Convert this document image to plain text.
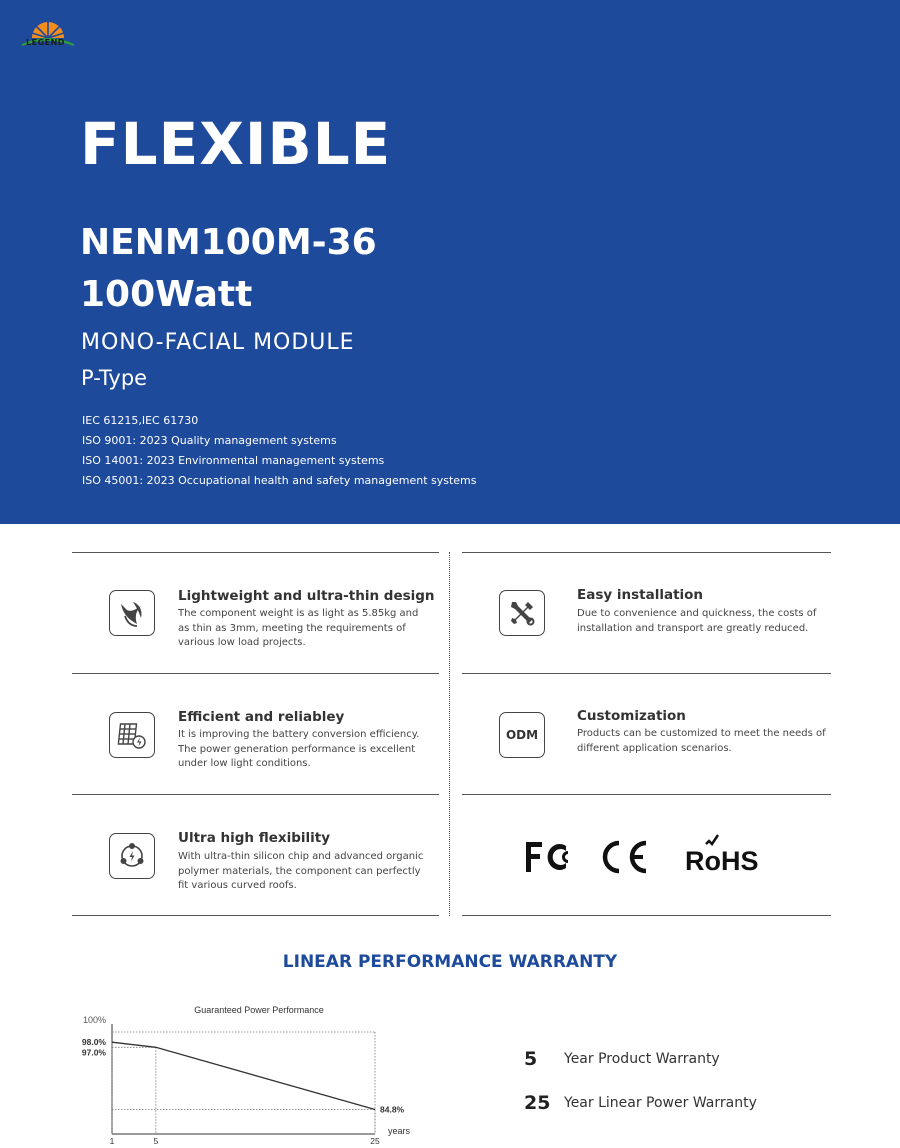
LEGEND
FLEXIBLE
NENM100M-36
100Watt
MONO-FACIAL MODULE
P-Type
IEC 61215,IEC 61730
ISO 9001: 2023 Quality management systems
ISO 14001: 2023 Environmental management systems
ISO 45001: 2023 Occupational health and safety management systems
Lightweight and ultra-thin design
The component weight is as light as 5.85kg and as thin as 3mm, meeting the requirements of various low load projects.
Easy installation
Due to convenience and quickness, the costs of installation and transport are greatly reduced.
Efficient and reliabley
It is improving the battery conversion efficiency. The power generation performance is excellent under low light conditions.
ODM
Customization
Products can be customized to meet the needs of different application scenarios.
Ultra high flexibility
With ultra-thin silicon chip and advanced organic polymer materials, the component can perfectly fit various curved roofs.
FC
RoHS
LINEAR PERFORMANCE WARRANTY
Guaranteed Power Performance
100%
98.0%
97.0%
84.8%
1	5	25
years
5 Year Product Warranty
25 Year Linear Power Warranty
